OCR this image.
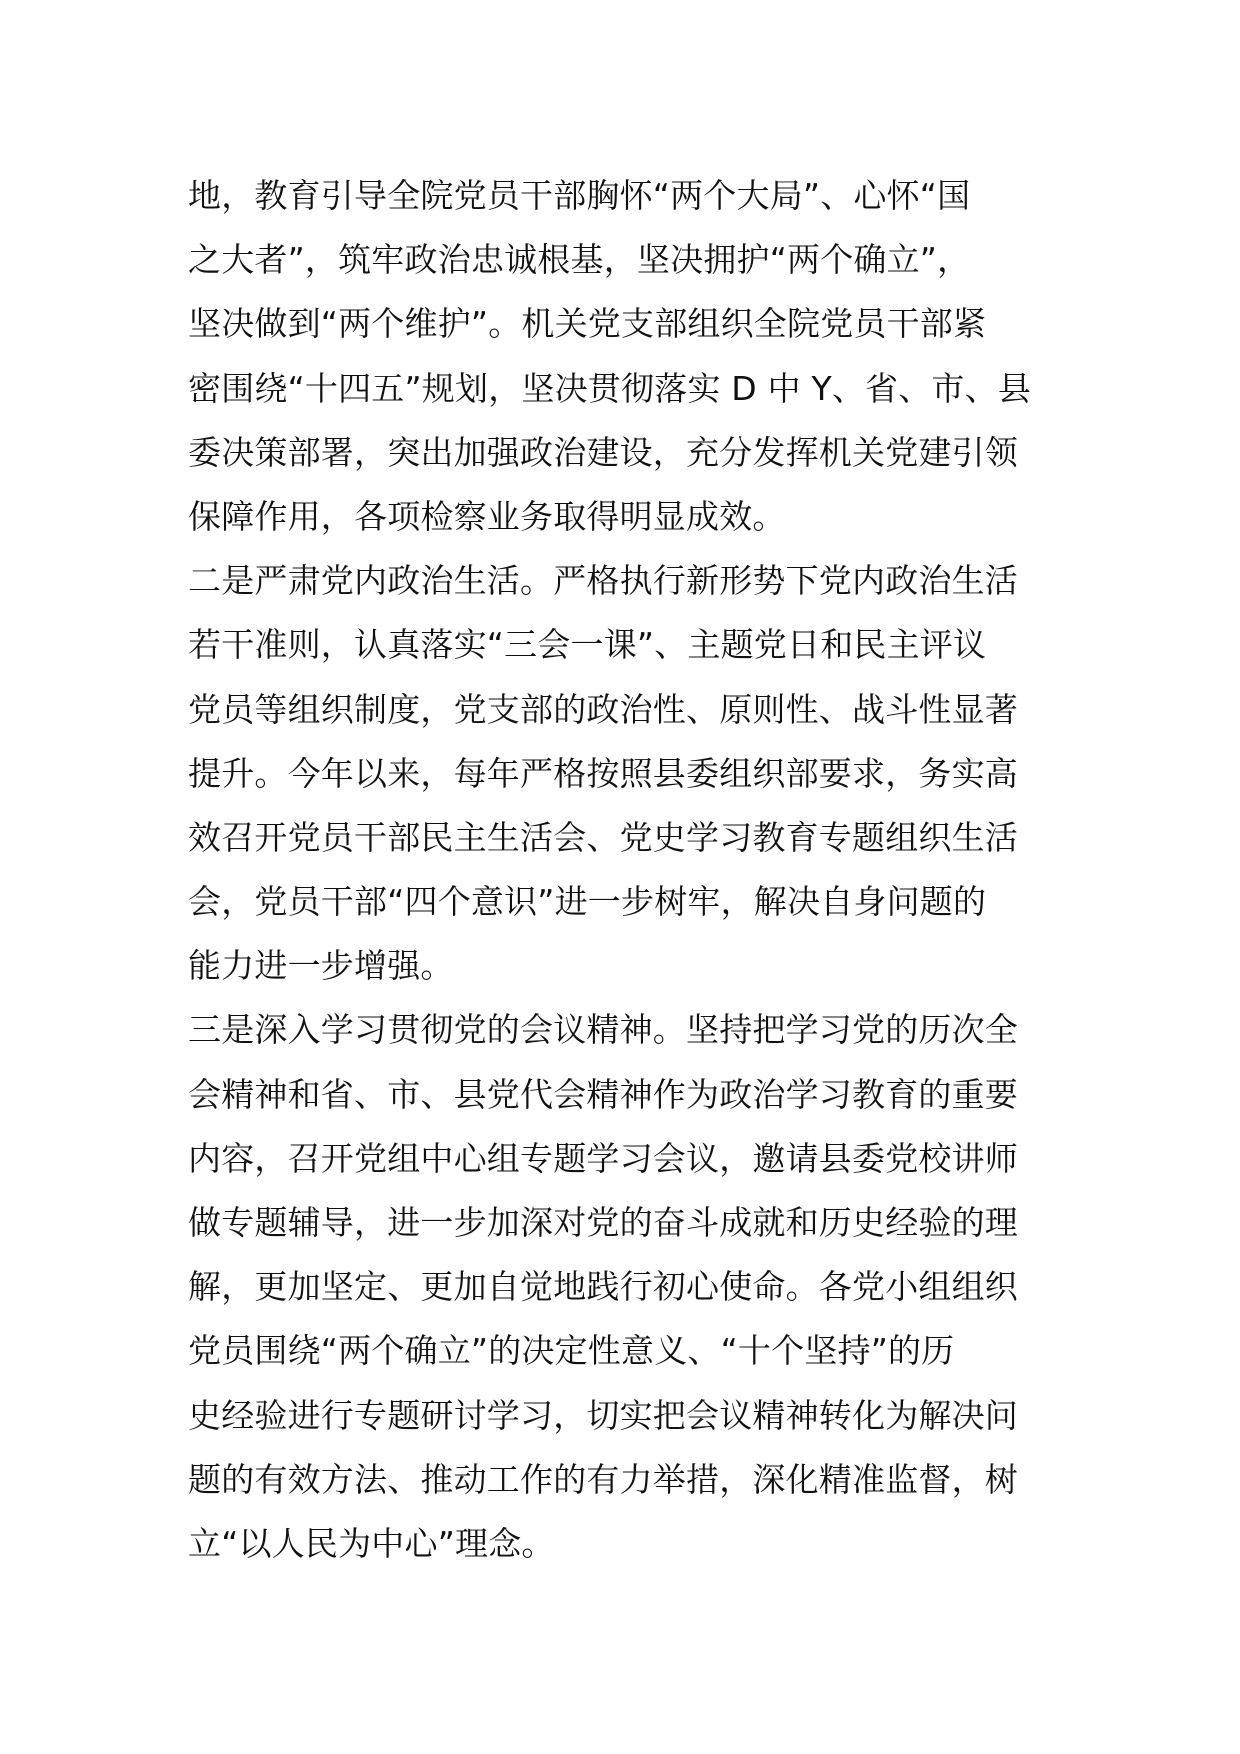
地，教育引导全院党员干部胸怀“两个大局”、心怀“国
之大者”，筑牢政治忠诚根基，坚决拥护“两个确立”，
坚决做到“两个维护”。机关党支部组织全院党员干部紧
密围绕“十四五”规划，坚决贯彻落实 D 中 Y、省、市、县
委决策部署，突出加强政治建设，充分发挥机关党建引领
保障作用，各项检察业务取得明显成效。
二是严肃党内政治生活。严格执行新形势下党内政治生活
若干准则，认真落实“三会一课”、主题党日和民主评议
党员等组织制度，党支部的政治性、原则性、战斗性显著
提升。今年以来，每年严格按照县委组织部要求，务实高
效召开党员干部民主生活会、党史学习教育专题组织生活
会，党员干部“四个意识”进一步树牢，解决自身问题的
能力进一步增强。
三是深入学习贯彻党的会议精神。坚持把学习党的历次全
会精神和省、市、县党代会精神作为政治学习教育的重要
内容，召开党组中心组专题学习会议，邀请县委党校讲师
做专题辅导，进一步加深对党的奋斗成就和历史经验的理
解，更加坚定、更加自觉地践行初心使命。各党小组组织
党员围绕“两个确立”的决定性意义、“十个坚持”的历
史经验进行专题研讨学习，切实把会议精神转化为解决问
题的有效方法、推动工作的有力举措，深化精准监督，树
立“以人民为中心”理念。
